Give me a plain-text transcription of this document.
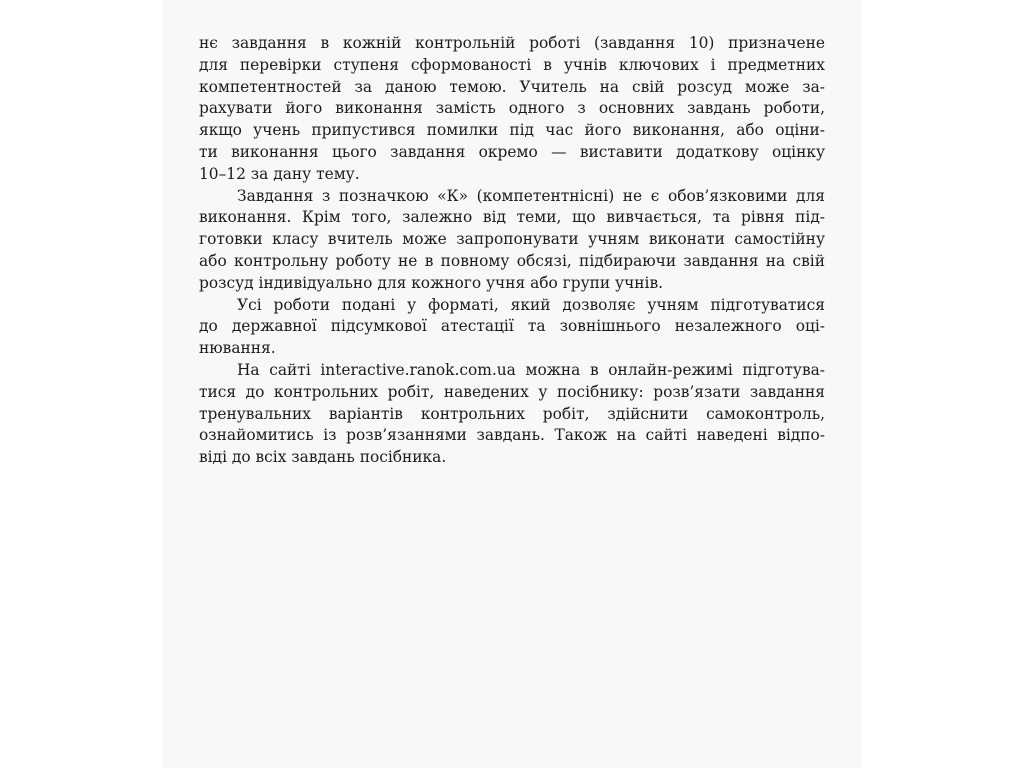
нє завдання в кожній контрольній роботі (завдання 10) призначене
для перевірки ступеня сформованості в учнів ключових і предметних
компетентностей за даною темою. Учитель на свій розсуд може за-
рахувати його виконання замість одного з основних завдань роботи,
якщо учень припустився помилки під час його виконання, або оціни-
ти виконання цього завдання окремо — виставити додаткову оцінку
10–12 за дану тему.
Завдання з позначкою «К» (компетентнісні) не є обов’язковими для
виконання. Крім того, залежно від теми, що вивчається, та рівня під-
готовки класу вчитель може запропонувати учням виконати самостійну
або контрольну роботу не в повному обсязі, підбираючи завдання на свій
розсуд індивідуально для кожного учня або групи учнів.
Усі роботи подані у форматі, який дозволяє учням підготуватися
до державної підсумкової атестації та зовнішнього незалежного оці-
нювання.
На сайті interactive.ranok.com.ua можна в онлайн-режимі підготува-
тися до контрольних робіт, наведених у посібнику: розв’язати завдання
тренувальних варіантів контрольних робіт, здійснити самоконтроль,
ознайомитись із розв’язаннями завдань. Також на сайті наведені відпо-
віді до всіх завдань посібника.
